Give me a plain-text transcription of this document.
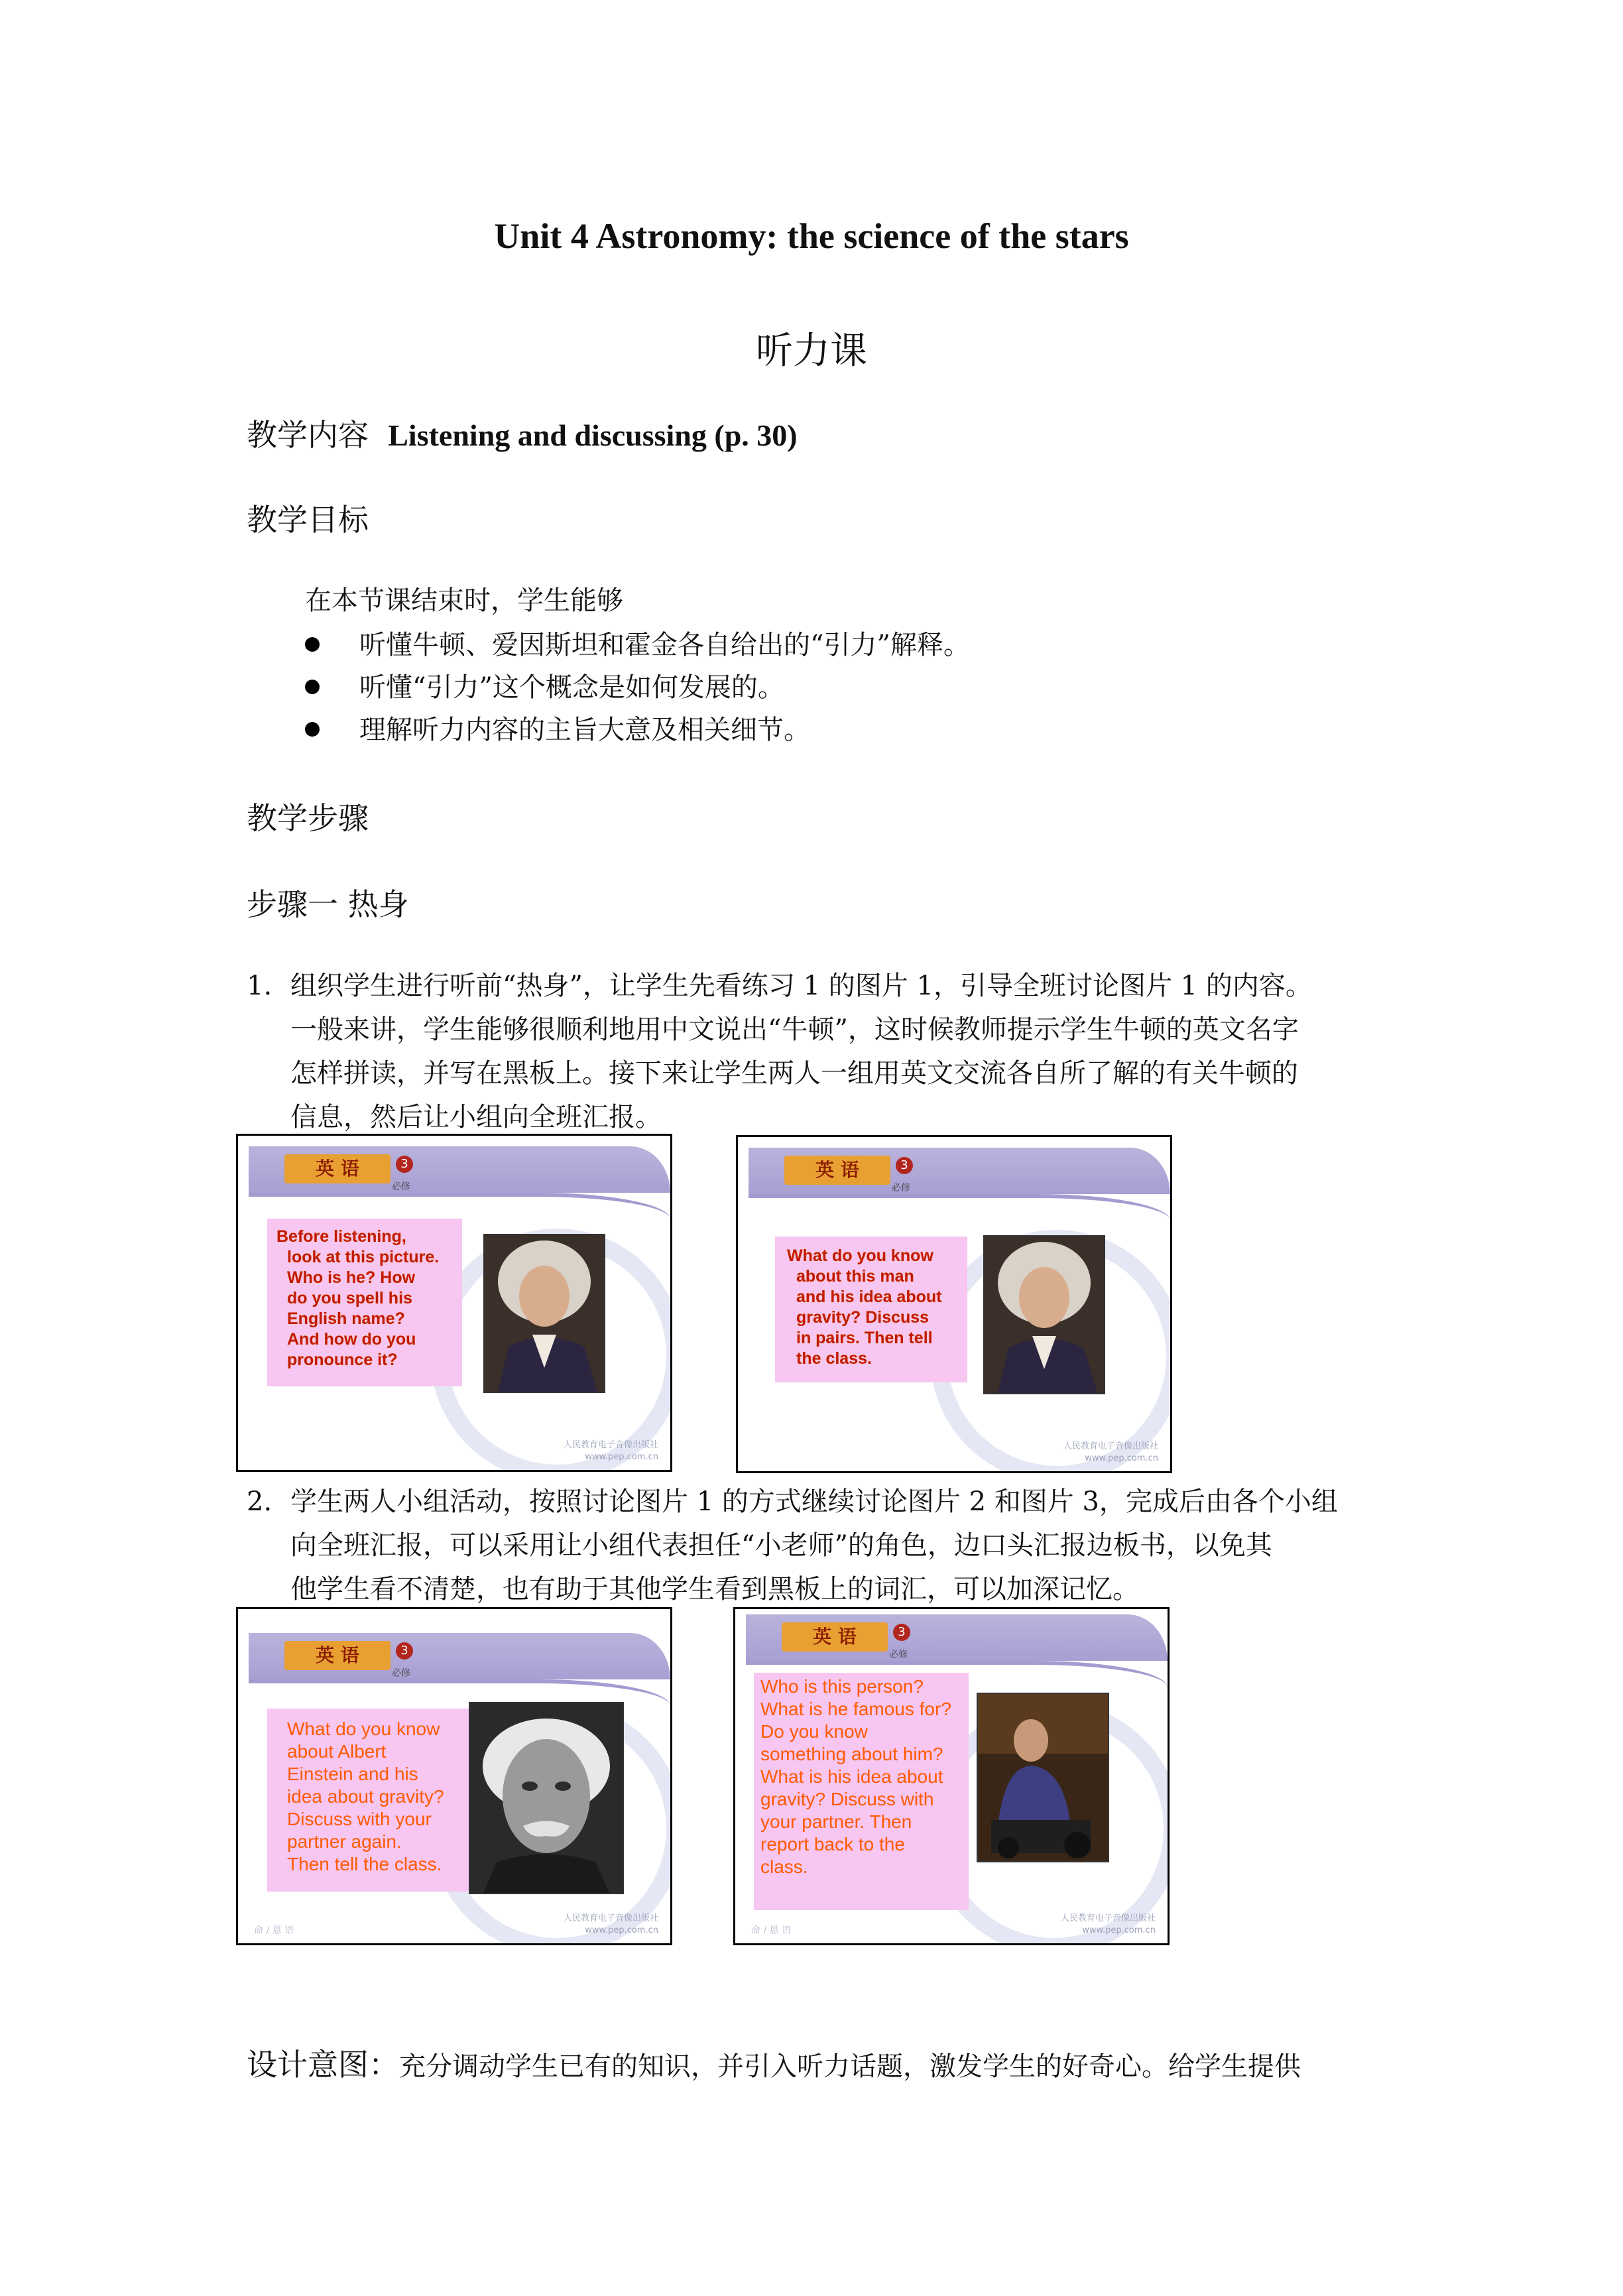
Unit 4 Astronomy: the science of the stars
听力课
教学内容 Listening and discussing (p. 30)
教学目标
在本节课结束时，学生能够
听懂牛顿、爱因斯坦和霍金各自给出的“引力”解释。
听懂“引力”这个概念是如何发展的。
理解听力内容的主旨大意及相关细节。
教学步骤
步骤一 热身
1. 组织学生进行听前“热身”，让学生先看练习 1 的图片 1，引导全班讨论图片 1 的内容。
一般来讲，学生能够很顺利地用中文说出“牛顿”，这时候教师提示学生牛顿的英文名字
怎样拼读，并写在黑板上。接下来让学生两人一组用英文交流各自所了解的有关牛顿的
信息，然后让小组向全班汇报。
英 语	3
必修
Before listening,
look at this picture.
Who is he? How
do you spell his
English name?
And how do you
pronounce it?
人民教育电子音像出版社
www.pep.com.cn
英 语	3
必修
What do you know
about this man
and his idea about
gravity? Discuss
in pairs. Then tell
the class.
人民教育电子音像出版社
www.pep.com.cn
2. 学生两人小组活动，按照讨论图片 1 的方式继续讨论图片 2 和图片 3，完成后由各个小组
向全班汇报，可以采用让小组代表担任“小老师”的角色，边口头汇报边板书，以免其
他学生看不清楚，也有助于其他学生看到黑板上的词汇，可以加深记忆。
英 语	3
必修
What do you know
about Albert
Einstein and his
idea about gravity?
Discuss with your
partner again.
Then tell the class.
命 / 恩 语
人民教育电子音像出版社
www.pep.com.cn
英 语	3
必修
Who is this person?
What is he famous for?
Do you know
something about him?
What is his idea about
gravity? Discuss with
your partner. Then
report back to the
class.
命 / 恩 语
人民教育电子音像出版社
www.pep.com.cn
设计意图：充分调动学生已有的知识，并引入听力话题，激发学生的好奇心。给学生提供
